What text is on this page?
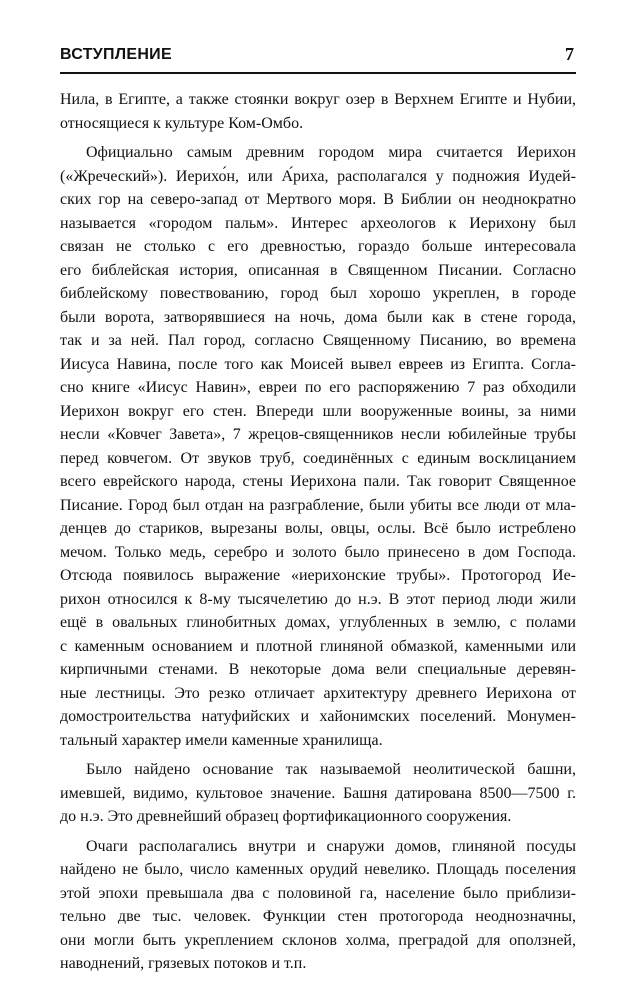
ВСТУПЛЕНИЕ	7
Нила, в Египте, а также стоянки вокруг озер в Верхнем Египте и Нубии,
относящиеся к культуре Ком-Омбо.
Официально самым древним городом мира считается Иерихон
(«Жреческий»). Иерихо́н, или А́риха, располагался у подножия Иудей-
ских гор на северо-запад от Мертвого моря. В Библии он неоднократно
называется «городом пальм». Интерес археологов к Иерихону был
связан не столько с его древностью, гораздо больше интересовала
его библейская история, описанная в Священном Писании. Согласно
библейскому повествованию, город был хорошо укреплен, в городе
были ворота, затворявшиеся на ночь, дома были как в стене города,
так и за ней. Пал город, согласно Священному Писанию, во времена
Иисуса Навина, после того как Моисей вывел евреев из Египта. Согла-
сно книге «Иисус Навин», евреи по его распоряжению 7 раз обходили
Иерихон вокруг его стен. Впереди шли вооруженные воины, за ними
несли «Ковчег Завета», 7 жрецов-священников несли юбилейные трубы
перед ковчегом. От звуков труб, соединённых с единым восклицанием
всего еврейского народа, стены Иерихона пали. Так говорит Священное
Писание. Город был отдан на разграбление, были убиты все люди от мла-
денцев до стариков, вырезаны волы, овцы, ослы. Всё было истреблено
мечом. Только медь, серебро и золото было принесено в дом Господа.
Отсюда появилось выражение «иерихонские трубы». Протогород Ие-
рихон относился к 8-му тысячелетию до н.э. В этот период люди жили
ещё в овальных глинобитных домах, углубленных в землю, с полами
с каменным основанием и плотной глиняной обмазкой, каменными или
кирпичными стенами. В некоторые дома вели специальные деревян-
ные лестницы. Это резко отличает архитектуру древнего Иерихона от
домостроительства натуфийских и хайонимских поселений. Монумен-
тальный характер имели каменные хранилища.
Было найдено основание так называемой неолитической башни,
имевшей, видимо, культовое значение. Башня датирована 8500—7500 г.
до н.э. Это древнейший образец фортификационного сооружения.
Очаги располагались внутри и снаружи домов, глиняной посуды
найдено не было, число каменных орудий невелико. Площадь поселения
этой эпохи превышала два с половиной га, население было приблизи-
тельно две тыс. человек. Функции стен протогорода неоднозначны,
они могли быть укреплением склонов холма, преградой для оползней,
наводнений, грязевых потоков и т.п.
